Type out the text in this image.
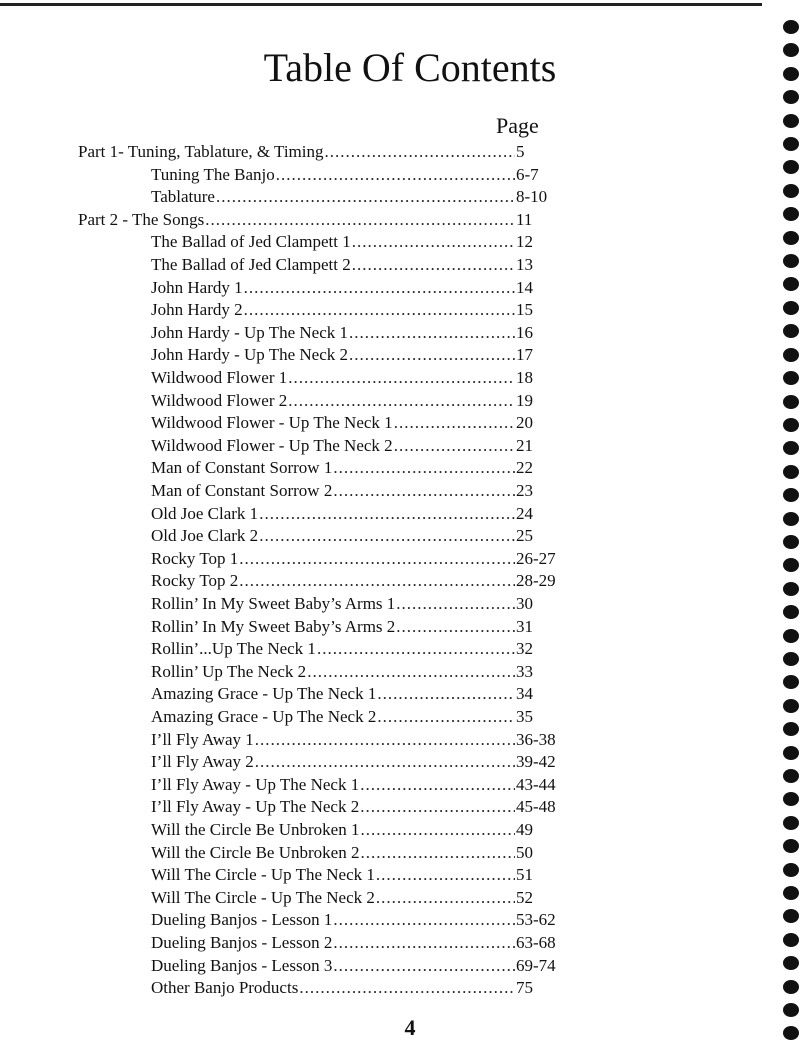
Table Of Contents
Page
Part 1- Tuning, Tablature, & Timing .....	5
Tuning The Banjo .....	6-7
Tablature .....	8-10
Part 2 - The Songs .....	11
The Ballad of Jed Clampett 1 .....	12
The Ballad of Jed Clampett 2 .....	13
John Hardy 1 .....	14
John Hardy 2 .....	15
John Hardy - Up The Neck 1 .....	16
John Hardy - Up The Neck 2 .....	17
Wildwood Flower 1 .....	18
Wildwood Flower 2 .....	19
Wildwood Flower - Up The Neck 1 .....	20
Wildwood Flower - Up The Neck 2 .....	21
Man of Constant Sorrow 1 .....	22
Man of Constant Sorrow 2 .....	23
Old Joe Clark 1 .....	24
Old Joe Clark 2 .....	25
Rocky Top 1 .....	26-27
Rocky Top 2 .....	28-29
Rollin’ In My Sweet Baby’s Arms 1 .....	30
Rollin’ In My Sweet Baby’s Arms 2 .....	31
Rollin’...Up The Neck 1 .....	32
Rollin’ Up The Neck 2 .....	33
Amazing Grace - Up The Neck 1 .....	34
Amazing Grace - Up The Neck 2 .....	35
I’ll Fly Away 1 .....	36-38
I’ll Fly Away 2 .....	39-42
I’ll Fly Away - Up The Neck 1 .....	43-44
I’ll Fly Away - Up The Neck 2 .....	45-48
Will the Circle Be Unbroken 1 .....	49
Will the Circle Be Unbroken 2 .....	50
Will The Circle - Up The Neck 1 .....	51
Will The Circle - Up The Neck 2 .....	52
Dueling Banjos - Lesson 1 .....	53-62
Dueling Banjos - Lesson 2 .....	63-68
Dueling Banjos - Lesson 3 .....	69-74
Other Banjo Products .....	75
4
